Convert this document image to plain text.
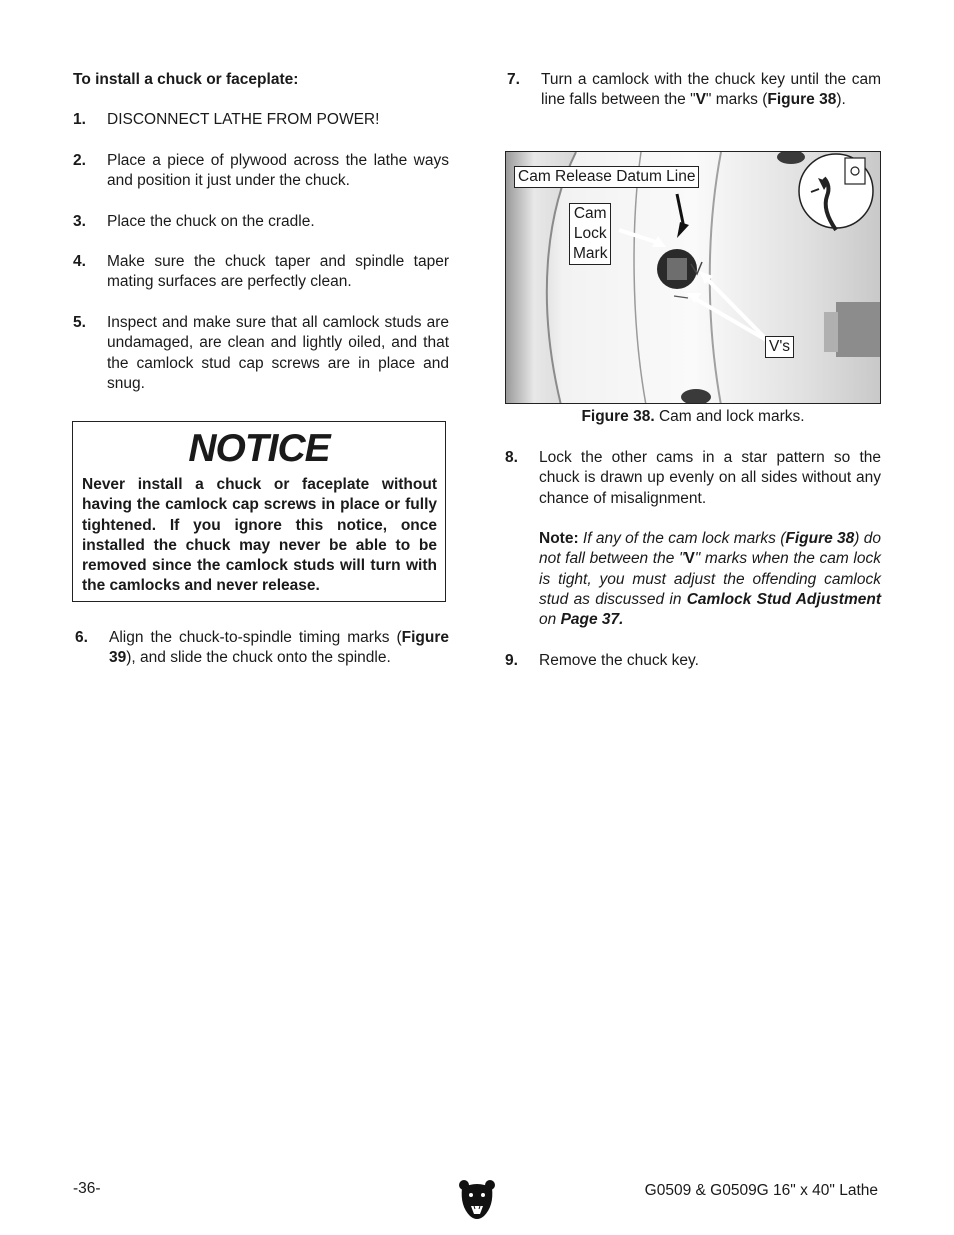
To install a chuck or faceplate:
1.	DISCONNECT LATHE FROM POWER!
2.	Place a piece of plywood across the lathe ways and position it just under the chuck.
3.	Place the chuck on the cradle.
4.	Make sure the chuck taper and spindle taper mating surfaces are perfectly clean.
5.	Inspect and make sure that all camlock studs are undamaged, are clean and lightly oiled, and that the camlock stud cap screws are in place and snug.
NOTICE
Never install a chuck or faceplate without having the camlock cap screws in place or fully tightened. If you ignore this notice, once installed the chuck may never be able to be removed since the camlock studs will turn with the camlocks and never release.
6.	Align the chuck-to-spindle timing marks (Figure 39), and slide the chuck onto the spindle.
7.	Turn a camlock with the chuck key until the cam line falls between the "V" marks (Figure 38).
Cam Release Datum Line
Cam
Lock
Mark
V's
Figure 38. Cam and lock marks.
8.	Lock the other cams in a star pattern so the chuck is drawn up evenly on all sides without any chance of misalignment.
Note: If any of the cam lock marks (Figure 38) do not fall between the "V" marks when the cam lock is tight, you must adjust the offending camlock stud as discussed in Camlock Stud Adjustment on Page 37.
9.	Remove the chuck key.
-36-	G0509 & G0509G 16" x 40" Lathe
